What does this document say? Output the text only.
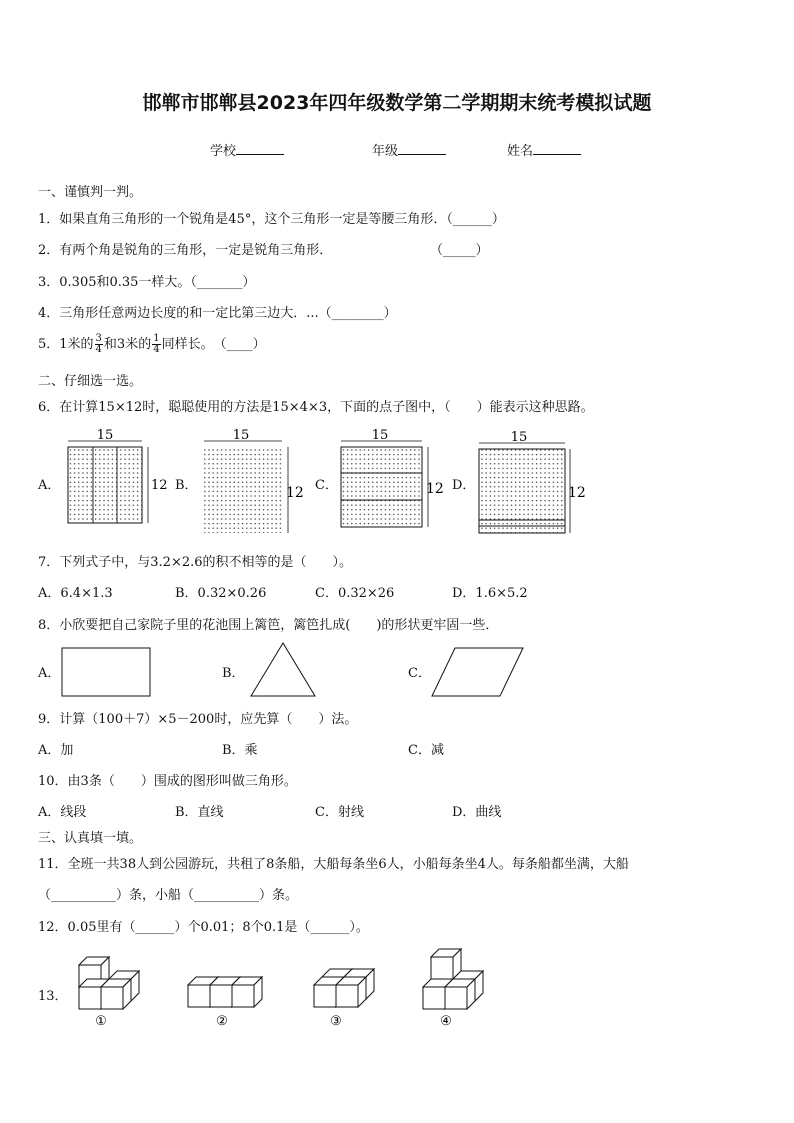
邯郸市邯郸县2023年四年级数学第二学期期末统考模拟试题
学校	年级	姓名
一、谨慎判一判。
1．如果直角三角形的一个锐角是45°，这个三角形一定是等腰三角形．（______）
2．有两个角是锐角的三角形，一定是锐角三角形．	（_____）
3．0.305和0.35一样大。（_______）
4．三角形任意两边长度的和一定比第三边大．...（________）
5．1米的 $\frac{3}{4}$ 和3米的 $\frac{1}{4}$ 同样长。　（____）
二、仔细选一选。
6．在计算15×12时，聪聪使用的方法是15×4×3，下面的点子图中，（　　）能表示这种思路。
A．	B．	C．	D．
15
12
15
12
15
12
15
12
7．下列式子中，与3.2×2.6的积不相等的是（　　）。
A．6.4×1.3	B．0.32×0.26	C．0.32×26	D．1.6×5.2
8．小欣要把自己家院子里的花池围上篱笆，篱笆扎成(　　)的形状更牢固一些．
A．	B．	C．
9．计算（100＋7）×5－200时，应先算（　　）法。
A．加	B．乘	C．减
10．由3条（　　）围成的图形叫做三角形。
A．线段	B．直线	C．射线	D．曲线
三、认真填一填。
11．全班一共38人到公园游玩，共租了8条船，大船每条坐6人，小船每条坐4人。每条船都坐满，大船
（__________）条，小船（__________）条。
12．0.05里有（______）个0.01；8个0.1是（______）。
13．
①	②	③	④
